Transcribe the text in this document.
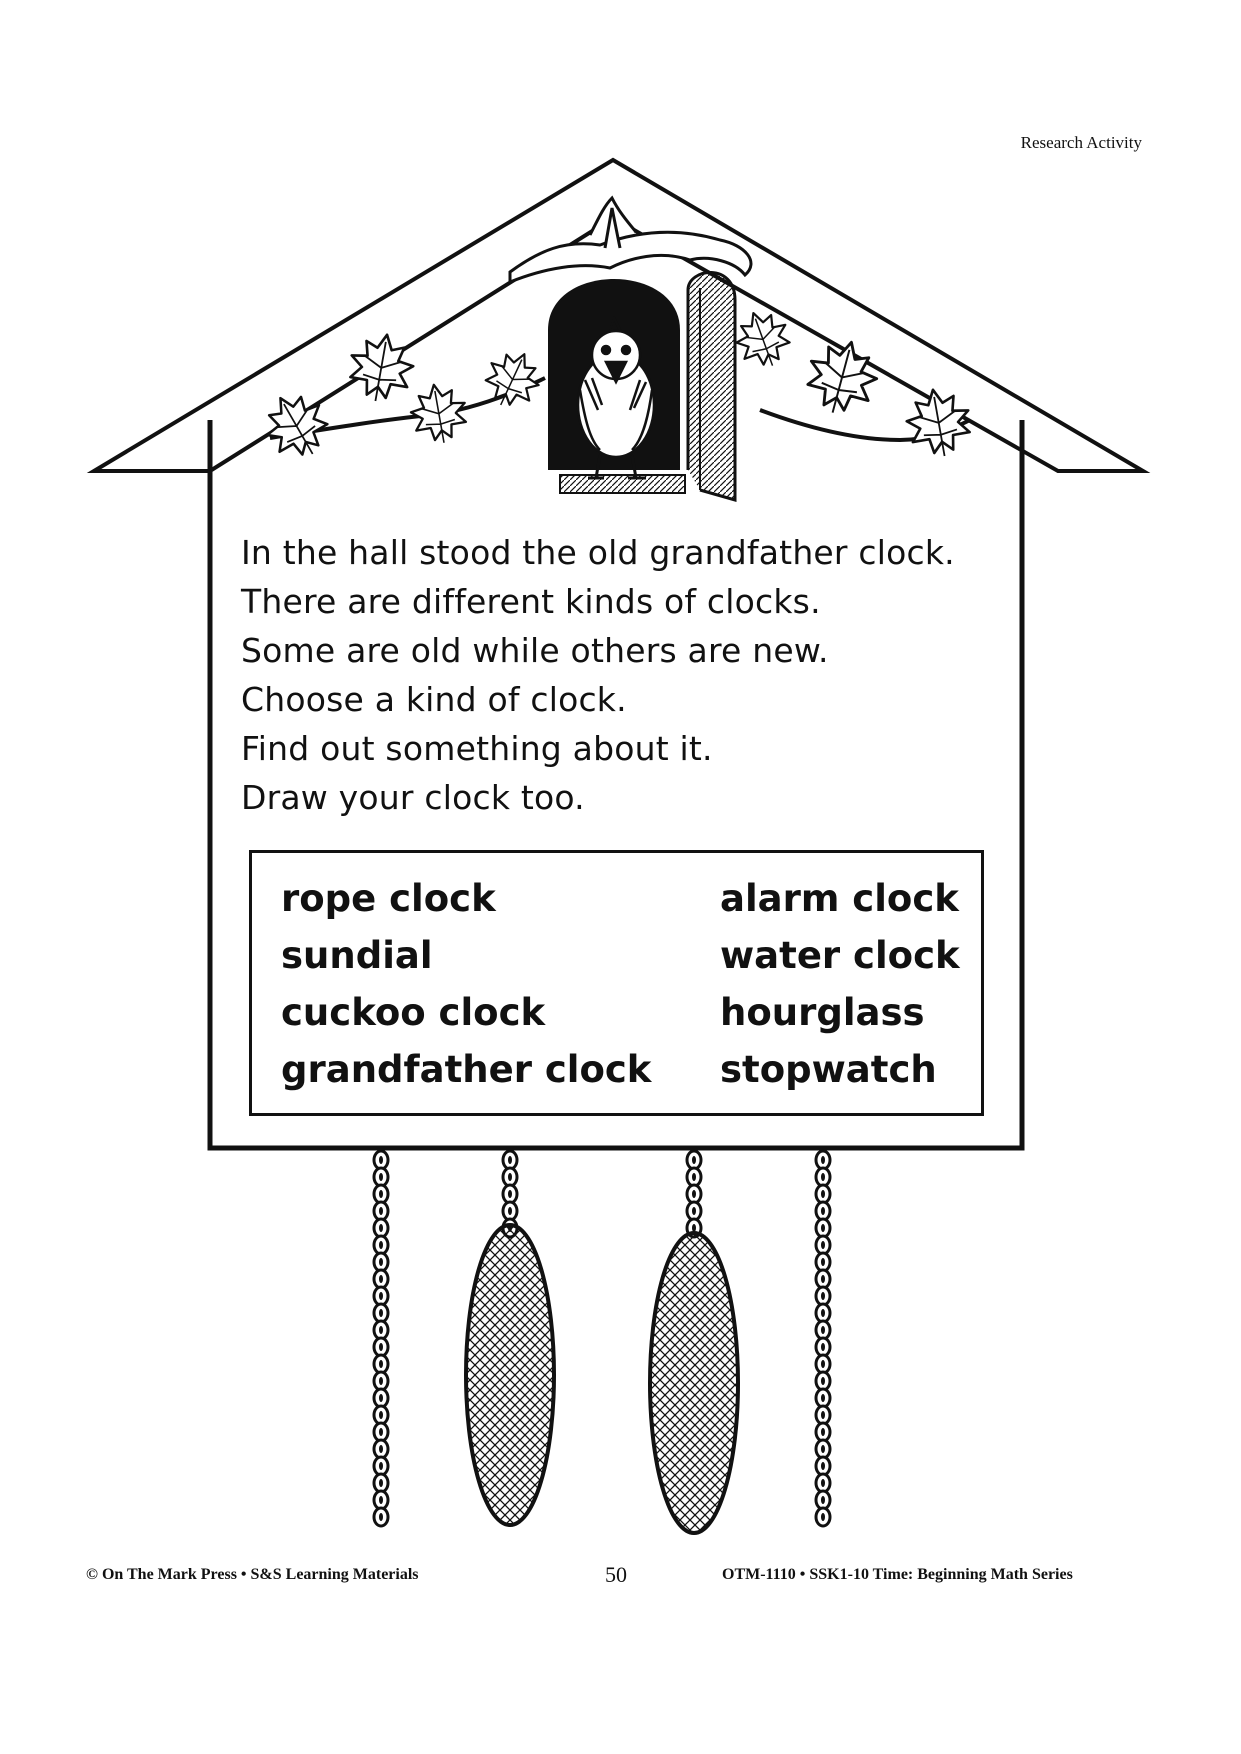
Research Activity
In the hall stood the old grandfather clock.
There are different kinds of clocks.
Some are old while others are new.
Choose a kind of clock.
Find out something about it.
Draw your clock too.
rope clock
sundial
cuckoo clock
grandfather clock
alarm clock
water clock
hourglass
stopwatch
© On The Mark Press • S&S Learning Materials	50	OTM-1110 • SSK1-10 Time: Beginning Math Series
